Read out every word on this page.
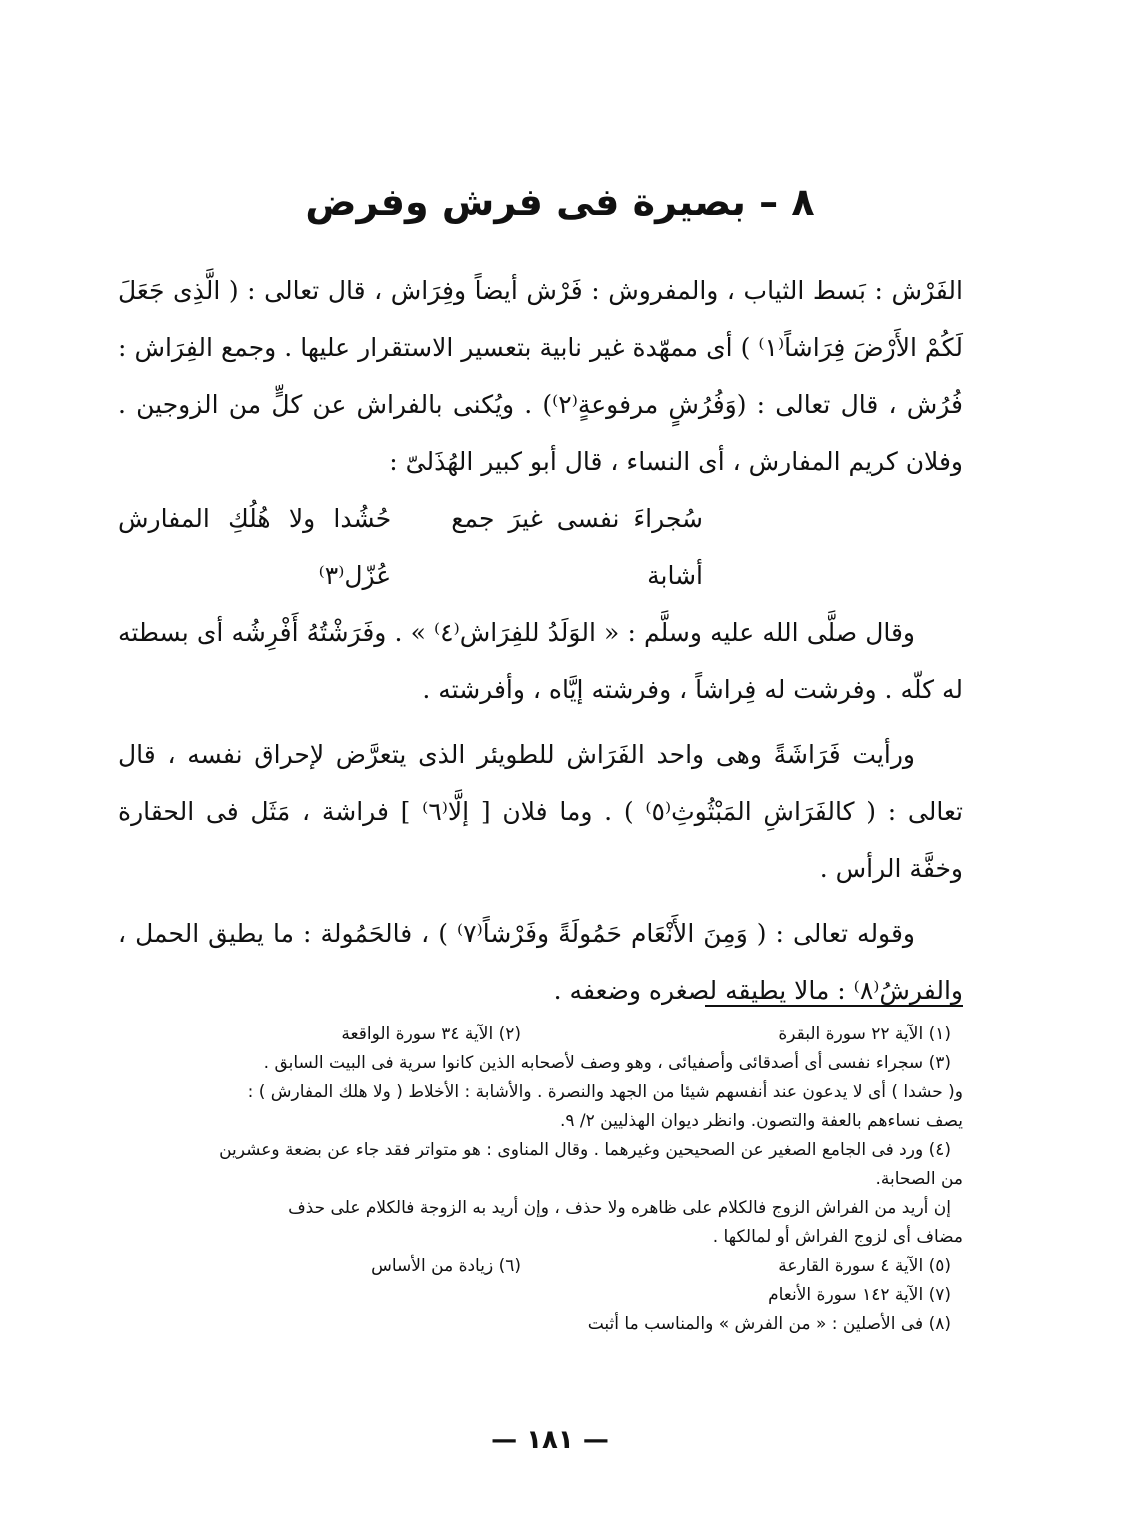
٨ – بصيرة فى فرش وفرض

الفَرْش : بَسط الثياب ، والمفروش : فَرْش أيضاً وفِرَاش ، قال تعالى : ( الَّذِى جَعَلَ لَكُمْ الأَرْضَ فِرَاشاً⁽١⁾ ) أى ممهّدة غير نابية بتعسير الاستقرار عليها . وجمع الفِرَاش : فُرُش ، قال تعالى : (وَفُرُشٍ مرفوعةٍ⁽٢⁾) . ويُكنى بالفراش عن كلٍّ من الزوجين . وفلان كريم المفارش ، أى النساء ، قال أبو كبير الهُذَلىّ :

سُجراءَ نفسى غيرَ جمع أشابة
حُشُدا ولا هُلُكِ المفارش عُزّل⁽٣⁾

وقال صلَّى الله عليه وسلَّم : « الوَلَدُ للفِرَاش⁽٤⁾ » . وفَرَشْتُهُ أَفْرِشُه أى بسطته له كلّه . وفرشت له فِراشاً ، وفرشته إيَّاه ، وأفرشته .

ورأيت فَرَاشَةً وهى واحد الفَرَاش للطويئر الذى يتعرَّض لإحراق نفسه ، قال تعالى : ( كالفَرَاشِ المَبْثُوثِ⁽٥⁾ ) . وما فلان [ إلَّا⁽٦⁾ ] فراشة ، مَثَل فى الحقارة وخفَّة الرأس .

وقوله تعالى : ( وَمِنَ الأَنْعَام حَمُولَةً وفَرْشاً⁽٧⁾ ) ، فالحَمُولة : ما يطيق الحمل ، والفرشُ⁽٨⁾ : مالا يطيقه لصغره وضعفه .

(١) الآية ٢٢ سورة البقرة
(٢) الآية ٣٤ سورة الواقعة

(٣) سجراء نفسى أى أصدقائى وأصفيائى ، وهو وصف لأصحابه الذين كانوا سرية فى البيت السابق .

و( حشدا ) أى لا يدعون عند أنفسهم شيئا من الجهد والنصرة . والأشابة : الأخلاط ( ولا هلك المفارش ) :

يصف نساءهم بالعفة والتصون. وانظر ديوان الهذليين ٢/ ٩.

(٤) ورد فى الجامع الصغير عن الصحيحين وغيرهما . وقال المناوى : هو متواتر فقد جاء عن بضعة وعشرين

من الصحابة.

إن أريد من الفراش الزوج فالكلام على ظاهره ولا حذف ، وإن أريد به الزوجة فالكلام على حذف

مضاف أى لزوج الفراش أو لمالكها .

(٥) الآية ٤ سورة القارعة
(٦) زيادة من الأساس

(٧) الآية ١٤٢ سورة الأنعام

(٨) فى الأصلين : « من الفرش » والمناسب ما أثبت

— ١٨١ —
